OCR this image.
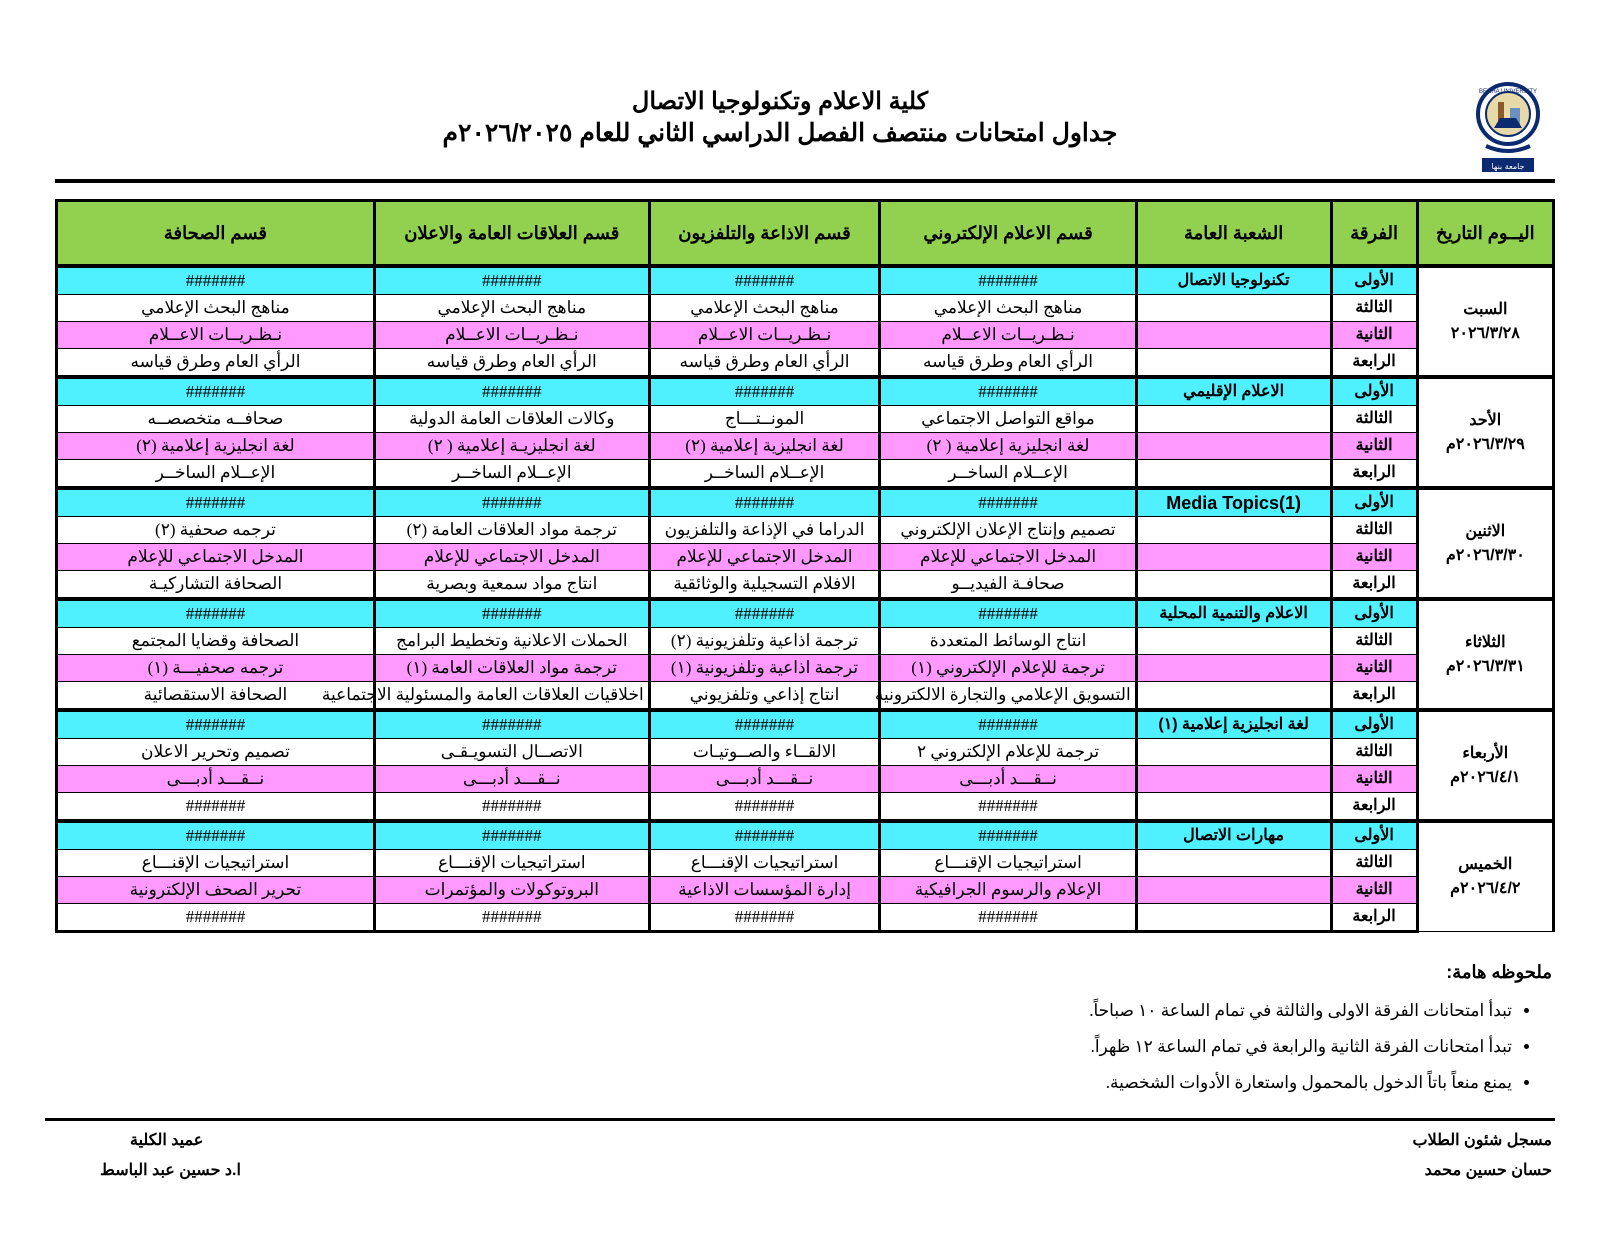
BENHA UNIVERSITY
جامعة بنها
كلية الاعلام وتكنولوجيا الاتصال
جداول امتحانات منتصف الفصل الدراسي الثاني للعام ٢٠٢٦/٢٠٢٥م
اليــوم التاريخ	الفرقة	الشعبة العامة	قسم الاعلام الإلكتروني	قسم الاذاعة والتلفزيون	قسم العلاقات العامة والاعلان	قسم الصحافة

السبت
٢٠٢٦/٣/٢٨	الأولى	تكنولوجيا الاتصال	#######	#######	#######	#######
	الثالثة		مناهج البحث الإعلامي	مناهج البحث الإعلامي	مناهج البحث الإعلامي	مناهج البحث الإعلامي
	الثانية		نـظـريــات الاعــلام	نـظـريــات الاعــلام	نـظـريــات الاعــلام	نـظـريــات الاعــلام
	الرابعة		الرأي العام وطرق قياسه	الرأي العام وطرق قياسه	الرأي العام وطرق قياسه	الرأي العام وطرق قياسه

الأحد
٢٠٢٦/٣/٢٩م	الأولى	الاعلام الإقليمي	#######	#######	#######	#######
	الثالثة		مواقع التواصل الاجتماعي	المونــتـــاج	وكالات العلاقات العامة الدولية	صحافــه متخصصــه
	الثانية		لغة انجليزية إعلامية ( ٢)	لغة انجليزية إعلامية (٢)	لغة انجليزيـة إعلامية ( ٢)	لغة انجليزية إعلامية (٢)
	الرابعة		الإعــلام الساخــر	الإعــلام الساخــر	الإعــلام الساخــر	الإعــلام الساخــر

الاثنين
٢٠٢٦/٣/٣٠م	الأولى	Media Topics(1)	#######	#######	#######	#######
	الثالثة		تصميم وإنتاج الإعلان الإلكتروني	الدراما في الإذاعة والتلفزيون	ترجمة مواد العلاقات العامة (٢)	ترجمه صحفية (٢)
	الثانية		المدخل الاجتماعي للإعلام	المدخل الاجتماعي للإعلام	المدخل الاجتماعي للإعلام	المدخل الاجتماعي للإعلام
	الرابعة		صحافـة الفيديــو	الافلام التسجيلية والوثائقية	انتاج مواد سمعية وبصرية	الصحافة التشاركيـة

الثلاثاء
٢٠٢٦/٣/٣١م	الأولى	الاعلام والتنمية المحلية	#######	#######	#######	#######
	الثالثة		انتاج الوسائط المتعددة	ترجمة اذاعية وتلفزيونية (٢)	الحملات الاعلانية وتخطيط البرامج	الصحافة وقضايا المجتمع
	الثانية		ترجمة للإعلام الإلكتروني (١)	ترجمة اذاعية وتلفزيونية (١)	ترجمة مواد العلاقات العامة (١)	ترجمه صحفيـــة (١)
	الرابعة		التسويق الإعلامي والتجارة الالكترونية	انتاج إذاعي وتلفزيوني	اخلاقيات العلاقات العامة والمسئولية الاجتماعية	الصحافة الاستقصائية

الأربعاء
٢٠٢٦/٤/١م	الأولى	لغة انجليزية إعلامية (١)	#######	#######	#######	#######
	الثالثة		ترجمة للإعلام الإلكتروني ٢	الالقــاء والصــوتيـات	الاتصــال التسويـقـى	تصميم وتحرير الاعلان
	الثانية		نــقـــد أدبـــى	نــقـــد أدبـــى	نــقـــد أدبـــى	نــقـــد أدبـــى
	الرابعة		#######	#######	#######	#######

الخميس
٢٠٢٦/٤/٢م	الأولى	مهارات الاتصال	#######	#######	#######	#######
	الثالثة		استراتيجيات الإقنـــاع	استراتيجيات الإقنـــاع	استراتيجيات الإقنـــاع	استراتيجيات الإقنـــاع
	الثانية		الإعلام والرسوم الجرافيكية	إدارة المؤسسات الاذاعية	البروتوكولات والمؤتمرات	تحرير الصحف الإلكترونية
	الرابعة		#######	#######	#######	#######
ملحوظه هامة:
• تبدأ امتحانات الفرقة الاولى والثالثة في تمام الساعة ١٠ صباحاً.
• تبدأ امتحانات الفرقة الثانية والرابعة في تمام الساعة ١٢ ظهراً.
• يمنع منعاً باتاً الدخول بالمحمول واستعارة الأدوات الشخصية.
مسجل شئون الطلاب
حسان حسين محمد
عميد الكلية
ا.د حسين عبد الباسط
